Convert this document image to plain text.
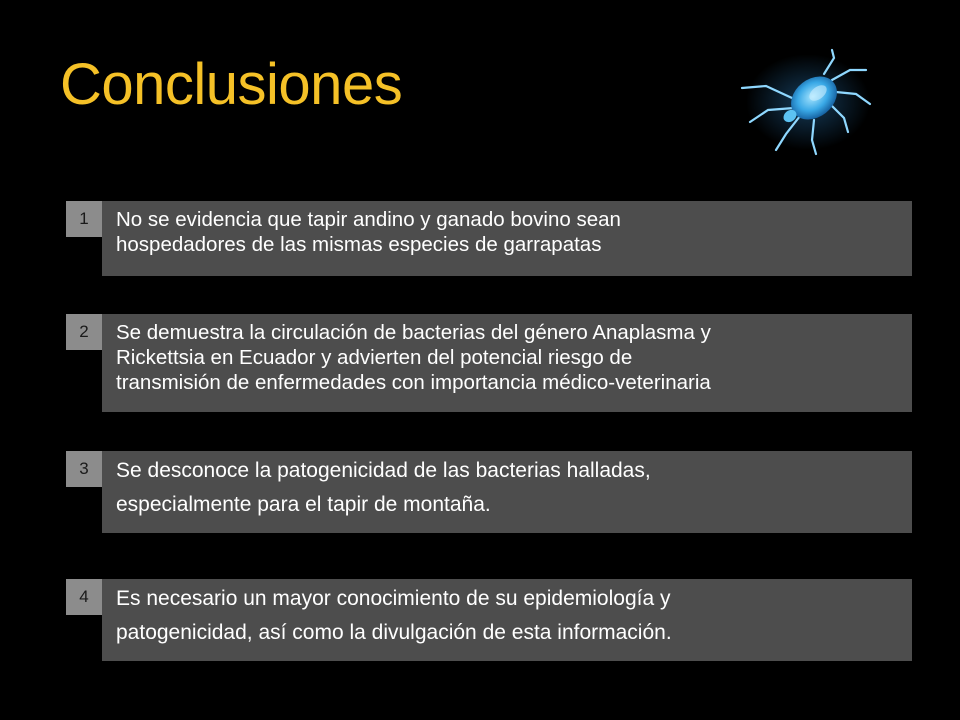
Conclusiones
1	No se evidencia que tapir andino y ganado bovino sean
hospedadores de las mismas especies de garrapatas
2	Se demuestra la circulación de bacterias del género Anaplasma y
Rickettsia en Ecuador y advierten del potencial riesgo de
transmisión de enfermedades con importancia médico-veterinaria
3	Se desconoce la patogenicidad de las bacterias halladas,
especialmente para el tapir de montaña.
4	Es necesario un mayor conocimiento de su epidemiología y
patogenicidad, así como la divulgación de esta información.
